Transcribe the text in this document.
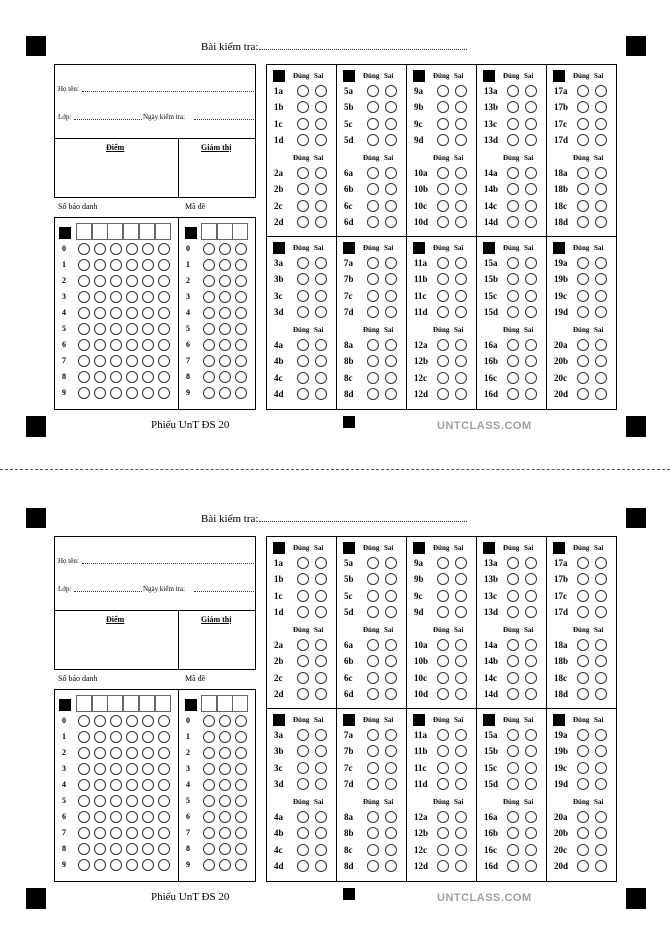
Bài kiểm tra:
Họ tên:
Lớp:	Ngày kiểm tra:
Điểm	Giám thị
Số báo danh	Mã đề
0	0
1	1
2	2
3	3
4	4
5	5
6	6
7	7
8	8
9	9
Đúng Sai
1a
1b
1c
1d
Đúng Sai
2a
2b
2c
2d
Đúng Sai
5a
5b
5c
5d
Đúng Sai
6a
6b
6c
6d
Đúng Sai
9a
9b
9c
9d
Đúng Sai
10a
10b
10c
10d
Đúng Sai
13a
13b
13c
13d
Đúng Sai
14a
14b
14c
14d
Đúng Sai
17a
17b
17c
17d
Đúng Sai
18a
18b
18c
18d
Đúng Sai
3a
3b
3c
3d
Đúng Sai
4a
4b
4c
4d
Đúng Sai
7a
7b
7c
7d
Đúng Sai
8a
8b
8c
8d
Đúng Sai
11a
11b
11c
11d
Đúng Sai
12a
12b
12c
12d
Đúng Sai
15a
15b
15c
15d
Đúng Sai
16a
16b
16c
16d
Đúng Sai
19a
19b
19c
19d
Đúng Sai
20a
20b
20c
20d
Phiếu UnT ĐS 20	UNTCLASS.COM
Bài kiểm tra:
Họ tên:
Lớp:	Ngày kiểm tra:
Điểm	Giám thị
Số báo danh	Mã đề
0	0
1	1
2	2
3	3
4	4
5	5
6	6
7	7
8	8
9	9
Đúng Sai
1a
1b
1c
1d
Đúng Sai
2a
2b
2c
2d
Đúng Sai
5a
5b
5c
5d
Đúng Sai
6a
6b
6c
6d
Đúng Sai
9a
9b
9c
9d
Đúng Sai
10a
10b
10c
10d
Đúng Sai
13a
13b
13c
13d
Đúng Sai
14a
14b
14c
14d
Đúng Sai
17a
17b
17c
17d
Đúng Sai
18a
18b
18c
18d
Đúng Sai
3a
3b
3c
3d
Đúng Sai
4a
4b
4c
4d
Đúng Sai
7a
7b
7c
7d
Đúng Sai
8a
8b
8c
8d
Đúng Sai
11a
11b
11c
11d
Đúng Sai
12a
12b
12c
12d
Đúng Sai
15a
15b
15c
15d
Đúng Sai
16a
16b
16c
16d
Đúng Sai
19a
19b
19c
19d
Đúng Sai
20a
20b
20c
20d
Phiếu UnT ĐS 20	UNTCLASS.COM
